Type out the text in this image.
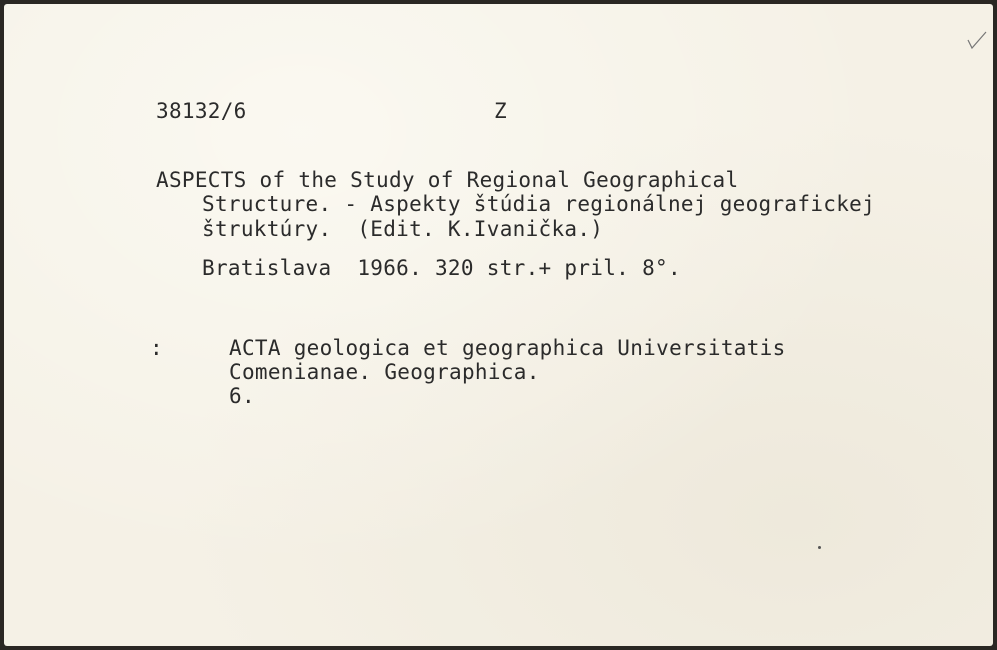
38132/6	Z
ASPECTS of the Study of Regional Geographical
Structure. - Aspekty štúdia regionálnej geografickej
štruktúry.  (Edit. K.Ivanička.)
Bratislava  1966. 320 str.+ pril. 8°.
:	ACTA geologica et geographica Universitatis
Comenianae. Geographica.
6.
